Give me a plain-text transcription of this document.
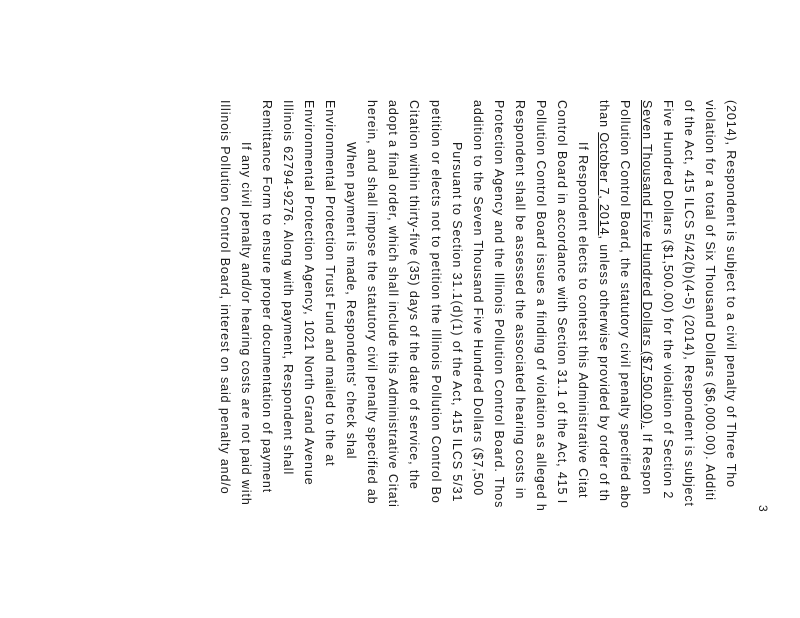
(2014), Respondent is subject to a civil penalty of Three Tho
violation for a total of Six Thousand Dollars ($6,000.00). Additi
of the Act, 415 ILCS 5/42(b)(4-5) (2014), Respondent is subject
Five Hundred Dollars ($1,500.00) for the violation of Section 2
Seven Thousand Five Hundred Dollars ($7,500.00). If Respon
Pollution Control Board, the statutory civil penalty specified abo
than October 7, 2014, unless otherwise provided by order of th
If Respondent elects to contest this Administrative Citat
Control Board in accordance with Section 31.1 of the Act, 415 I
Pollution Control Board issues a finding of violation as alleged h
Respondent shall be assessed the associated hearing costs in
Protection Agency and the Illinois Pollution Control Board. Thos
addition to the Seven Thousand Five Hundred Dollars ($7,500
Pursuant to Section 31.1(d)(1) of the Act, 415 ILCS 5/31
petition or elects not to petition the Illinois Pollution Control Bo
Citation within thirty-five (35) days of the date of service, the
adopt a final order, which shall include this Administrative Citati
herein, and shall impose the statutory civil penalty specified ab
When payment is made, Respondents' check shal
Environmental Protection Trust Fund and mailed to the at
Environmental Protection Agency, 1021 North Grand Avenue
Illinois 62794-9276. Along with payment, Respondent shall
Remittance Form to ensure proper documentation of payment
If any civil penalty and/or hearing costs are not paid with
Illinois Pollution Control Board, interest on said penalty and/o
3
